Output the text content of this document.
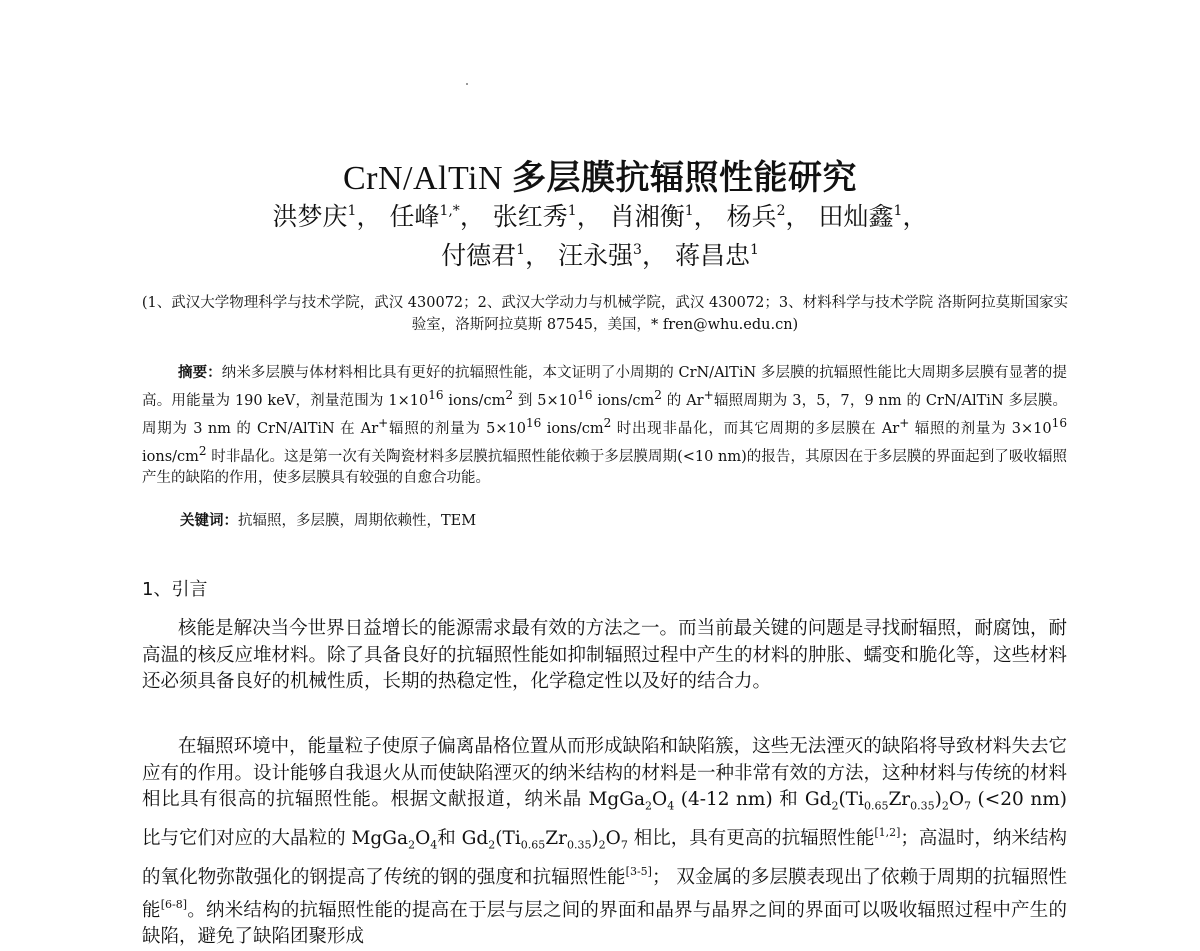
CrN/AlTiN 多层膜抗辐照性能研究
洪梦庆$^1$， 任峰$^{1,*}$， 张红秀$^1$， 肖湘衡$^1$， 杨兵$^2$， 田灿鑫$^1$，
付德君$^1$， 汪永强$^3$， 蒋昌忠$^1$
(1、武汉大学物理科学与技术学院，武汉 430072；2、武汉大学动力与机械学院，武汉 430072；3、材料科学与技术学院 洛斯阿拉莫斯国家实验室，洛斯阿拉莫斯 87545，美国，* fren@whu.edu.cn)
摘要：纳米多层膜与体材料相比具有更好的抗辐照性能，本文证明了小周期的 CrN/AlTiN 多层膜的抗辐照性能比大周期多层膜有显著的提高。用能量为 190 keV，剂量范围为 $1\times 10^{16}$ ions/$cm^2$ 到 $5\times 10^{16}$ ions/$cm^2$ 的 Ar+辐照周期为 3，5，7，9 nm 的 CrN/AlTiN 多层膜。周期为 3 nm 的 CrN/AlTiN 在 Ar+辐照的剂量为 $5\times 10^{16}$ ions/$cm^2$ 时出现非晶化，而其它周期的多层膜在 Ar+ 辐照的剂量为 $3\times 10^{16}$ ions/$cm^2$ 时非晶化。这是第一次有关陶瓷材料多层膜抗辐照性能依赖于多层膜周期(<10 nm)的报告，其原因在于多层膜的界面起到了吸收辐照产生的缺陷的作用，使多层膜具有较强的自愈合功能。
关键词：抗辐照，多层膜，周期依赖性，TEM
1、引言
核能是解决当今世界日益增长的能源需求最有效的方法之一。而当前最关键的问题是寻找耐辐照，耐腐蚀，耐高温的核反应堆材料。除了具备良好的抗辐照性能如抑制辐照过程中产生的材料的肿胀、蠕变和脆化等，这些材料还必须具备良好的机械性质，长期的热稳定性，化学稳定性以及好的结合力。
在辐照环境中，能量粒子使原子偏离晶格位置从而形成缺陷和缺陷簇，这些无法湮灭的缺陷将导致材料失去它应有的作用。设计能够自我退火从而使缺陷湮灭的纳米结构的材料是一种非常有效的方法，这种材料与传统的材料相比具有很高的抗辐照性能。根据文献报道，纳米晶 $MgGa_2O_4$ (4-12 nm) 和 $Gd_2(Ti_{0.65}Zr_{0.35})_2O_7$ (<20 nm) 比与它们对应的大晶粒的 $MgGa_2O_4$和 $Gd_2(Ti_{0.65}Zr_{0.35})_2O_7$ 相比，具有更高的抗辐照性能[1,2]；高温时，纳米结构的氧化物弥散强化的钢提高了传统的钢的强度和抗辐照性能[3-5]； 双金属的多层膜表现出了依赖于周期的抗辐照性能[6-8]。纳米结构的抗辐照性能的提高在于层与层之间的界面和晶界与晶界之间的界面可以吸收辐照过程中产生的缺陷，避免了缺陷团聚形成
